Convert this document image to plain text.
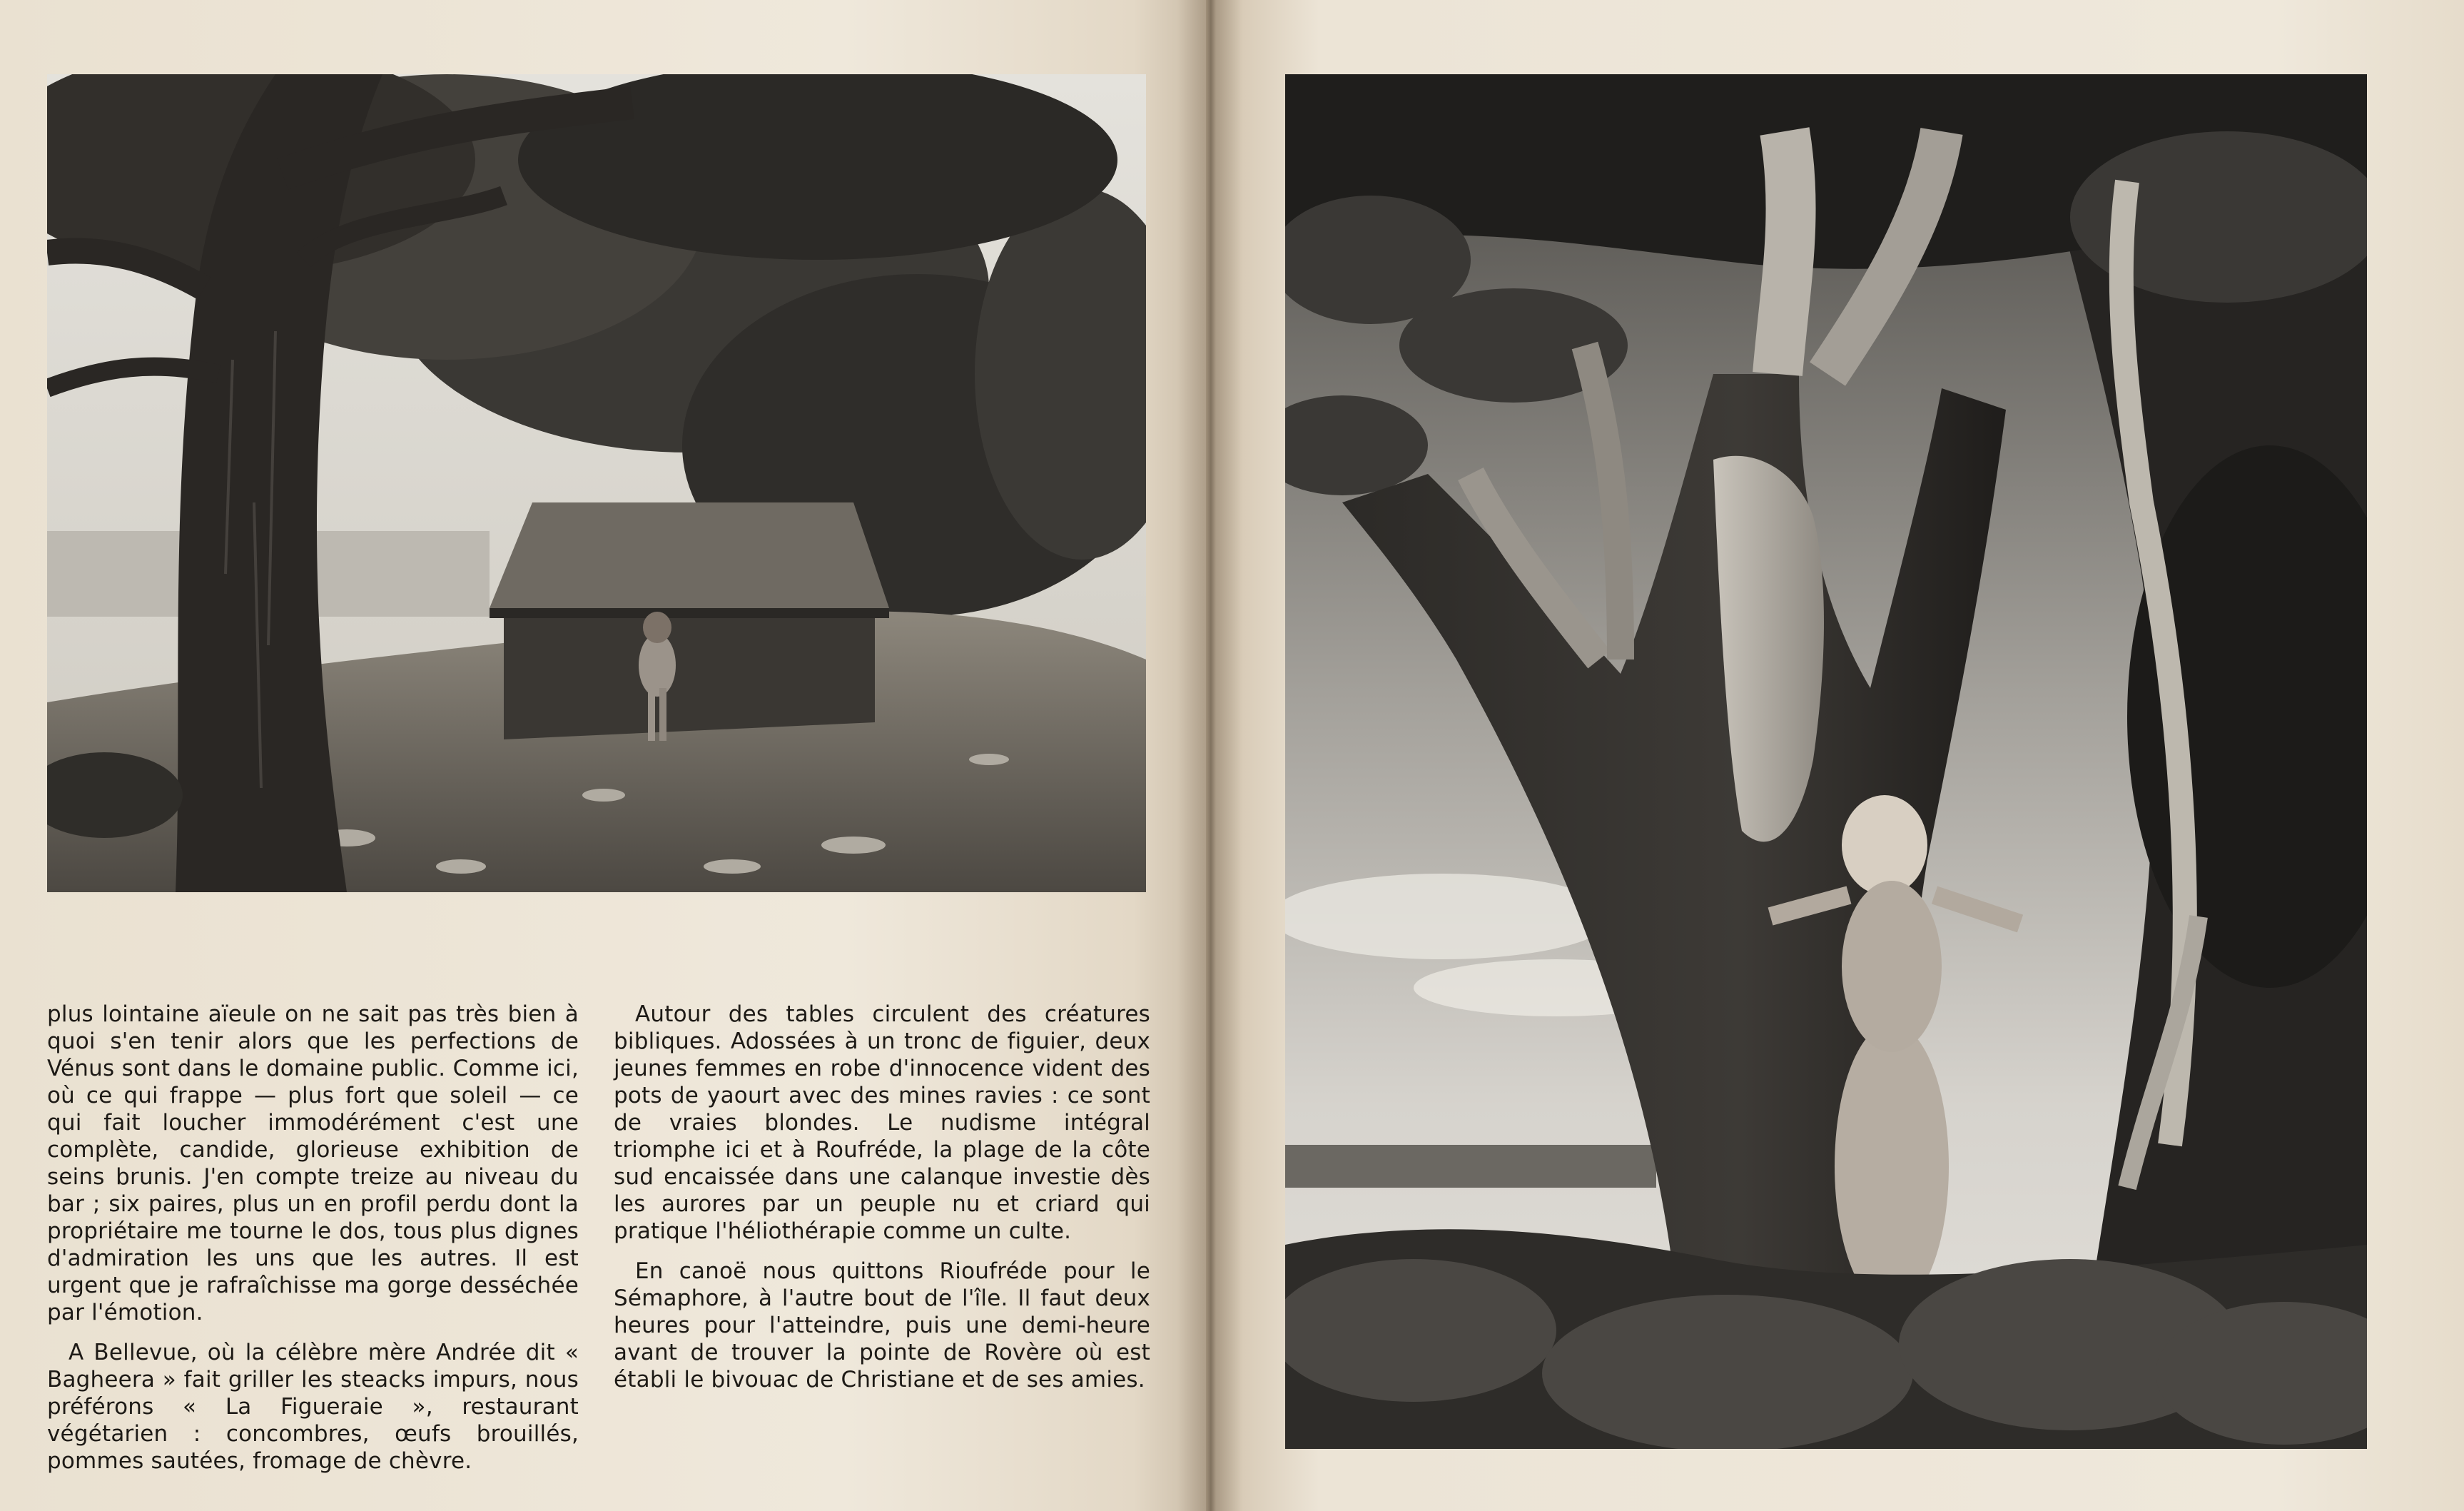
plus lointaine aïeule on ne sait pas très bien à quoi s'en tenir alors que les perfections de Vénus sont dans le domaine public. Comme ici, où ce qui frappe — plus fort que soleil — ce qui fait loucher immodérément c'est une complète, candide, glorieuse exhibition de seins brunis. J'en compte treize au niveau du bar ; six paires, plus un en profil perdu dont la propriétaire me tourne le dos, tous plus dignes d'admiration les uns que les autres. Il est urgent que je rafraîchisse ma gorge desséchée par l'émotion.

A Bellevue, où la célèbre mère Andrée dit « Bagheera » fait griller les steacks impurs, nous préférons « La Figueraie », restaurant végétarien : concombres, œufs brouillés, pommes sautées, fromage de chèvre.

Autour des tables circulent des créatures bibliques. Adossées à un tronc de figuier, deux jeunes femmes en robe d'innocence vident des pots de yaourt avec des mines ravies : ce sont de vraies blondes. Le nudisme intégral triomphe ici et à Roufréde, la plage de la côte sud encaissée dans une calanque investie dès les aurores par un peuple nu et criard qui pratique l'héliothérapie comme un culte.

En canoë nous quittons Rioufréde pour le Sémaphore, à l'autre bout de l'île. Il faut deux heures pour l'atteindre, puis une demi-heure avant de trouver la pointe de Rovère où est établi le bivouac de Christiane et de ses amies.
